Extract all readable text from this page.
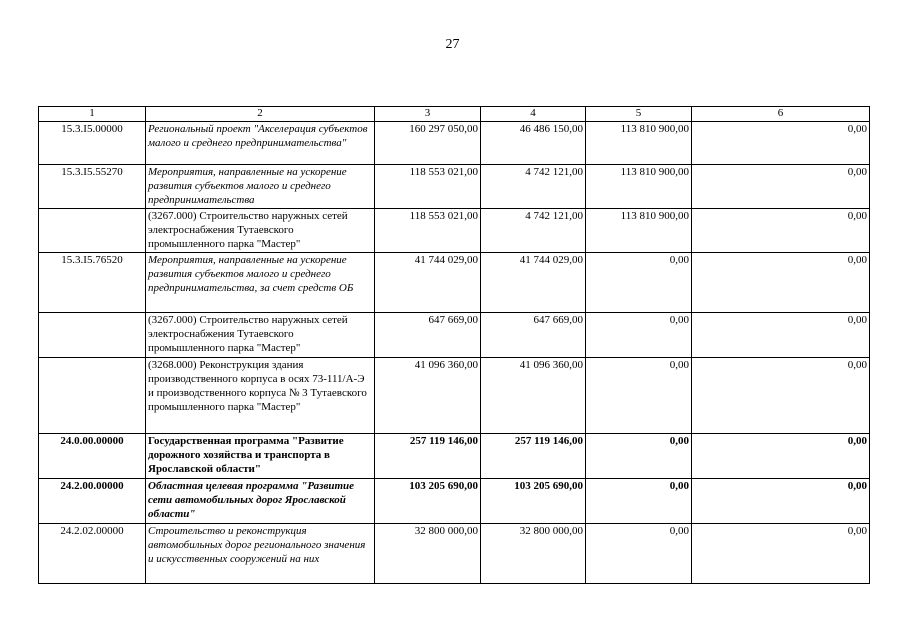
27
1	2	3	4	5	6
15.3.I5.00000	Региональный проект "Акселерация субъектов малого и среднего предпринимательства"	160 297 050,00	46 486 150,00	113 810 900,00	0,00
15.3.I5.55270	Мероприятия, направленные на ускорение развития субъектов малого и среднего предпринимательства	118 553 021,00	4 742 121,00	113 810 900,00	0,00
	(3267.000) Строительство наружных сетей электроснабжения Тутаевского промышленного парка "Мастер"	118 553 021,00	4 742 121,00	113 810 900,00	0,00
15.3.I5.76520	Мероприятия, направленные на ускорение развития субъектов малого и среднего предпринимательства, за счет средств ОБ	41 744 029,00	41 744 029,00	0,00	0,00
	(3267.000) Строительство наружных сетей электроснабжения Тутаевского промышленного парка "Мастер"	647 669,00	647 669,00	0,00	0,00
	(3268.000) Реконструкция здания производственного корпуса в осях 73-111/А-Э и производственного корпуса № 3 Тутаевского промышленного парка "Мастер"	41 096 360,00	41 096 360,00	0,00	0,00
24.0.00.00000	Государственная программа "Развитие дорожного хозяйства и транспорта в Ярославской области"	257 119 146,00	257 119 146,00	0,00	0,00
24.2.00.00000	Областная целевая программа "Развитие сети автомобильных дорог Ярославской области"	103 205 690,00	103 205 690,00	0,00	0,00
24.2.02.00000	Строительство и реконструкция автомобильных дорог регионального значения и искусственных сооружений на них	32 800 000,00	32 800 000,00	0,00	0,00
